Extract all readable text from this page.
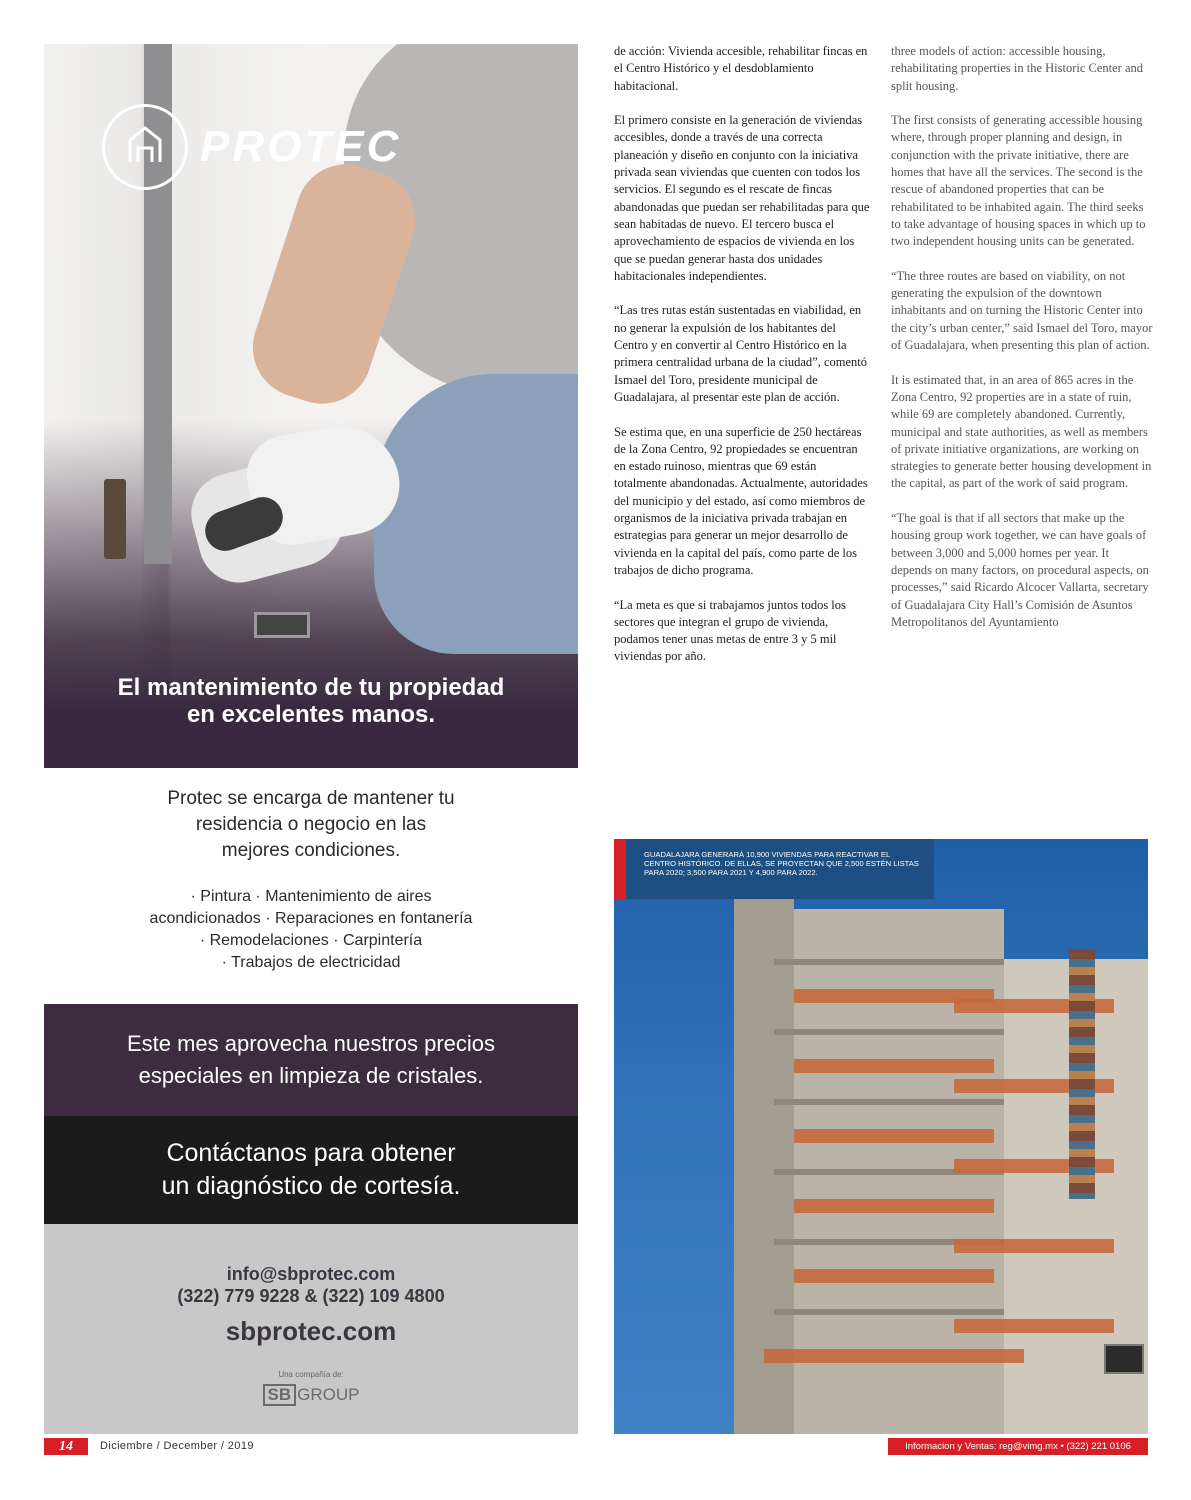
PROTEC
El mantenimiento de tu propiedad
en excelentes manos.
Protec se encarga de mantener tu
residencia o negocio en las
mejores condiciones.
· Pintura · Mantenimiento de aires
acondicionados · Reparaciones en fontanería
· Remodelaciones · Carpintería
· Trabajos de electricidad
Este mes aprovecha nuestros precios
especiales en limpieza de cristales.
Contáctanos para obtener
un diagnóstico de cortesía.
info@sbprotec.com
(322) 779 9228 & (322) 109 4800
sbprotec.com
Una compañía de:
SB GROUP

de acción: Vivienda accesible, rehabilitar fincas en el Centro Histórico y el desdoblamiento habitacional.

El primero consiste en la generación de viviendas accesibles, donde a través de una correcta planeación y diseño en conjunto con la iniciativa privada sean viviendas que cuenten con todos los servicios. El segundo es el rescate de fincas abandonadas que puedan ser rehabilitadas para que sean habitadas de nuevo. El tercero busca el aprovechamiento de espacios de vivienda en los que se puedan generar hasta dos unidades habitacionales independientes.

“Las tres rutas están sustentadas en viabilidad, en no generar la expulsión de los habitantes del Centro y en convertir al Centro Histórico en la primera centralidad urbana de la ciudad”, comentó Ismael del Toro, presidente municipal de Guadalajara, al presentar este plan de acción.

Se estima que, en una superficie de 250 hectáreas de la Zona Centro, 92 propiedades se encuentran en estado ruinoso, mientras que 69 están totalmente abandonadas. Actualmente, autoridades del municipio y del estado, así como miembros de organismos de la iniciativa privada trabajan en estrategias para generar un mejor desarrollo de vivienda en la capital del país, como parte de los trabajos de dicho programa.

“La meta es que si trabajamos juntos todos los sectores que integran el grupo de vivienda, podamos tener unas metas de entre 3 y 5 mil viviendas por año.

three models of action: accessible housing, rehabilitating properties in the Historic Center and split housing.

The first consists of generating accessible housing where, through proper planning and design, in conjunction with the private initiative, there are homes that have all the services. The second is the rescue of abandoned properties that can be rehabilitated to be inhabited again. The third seeks to take advantage of housing spaces in which up to two independent housing units can be generated.

“The three routes are based on viability, on not generating the expulsion of the downtown inhabitants and on turning the Historic Center into the city’s urban center,” said Ismael del Toro, mayor of Guadalajara, when presenting this plan of action.

It is estimated that, in an area of 865 acres in the Zona Centro, 92 properties are in a state of ruin, while 69 are completely abandoned. Currently, municipal and state authorities, as well as members of private initiative organizations, are working on strategies to generate better housing development in the capital, as part of the work of said program.

“The goal is that if all sectors that make up the housing group work together, we can have goals of between 3,000 and 5,000 homes per year. It depends on many factors, on procedural aspects, on processes,” said Ricardo Alcocer Vallarta, secretary of Guadalajara City Hall’s Comisión de Asuntos Metropolitanos del Ayuntamiento

GUADALAJARA GENERARÁ 10,900 VIVIENDAS PARA REACTIVAR EL CENTRO HISTÓRICO. DE ELLAS, SE PROYECTAN QUE 2,500 ESTÉN LISTAS PARA 2020; 3,500 PARA 2021 Y 4,900 PARA 2022.
14	Diciembre / December / 2019	Informacion y Ventas: reg@vimg.mx • (322) 221 0106
